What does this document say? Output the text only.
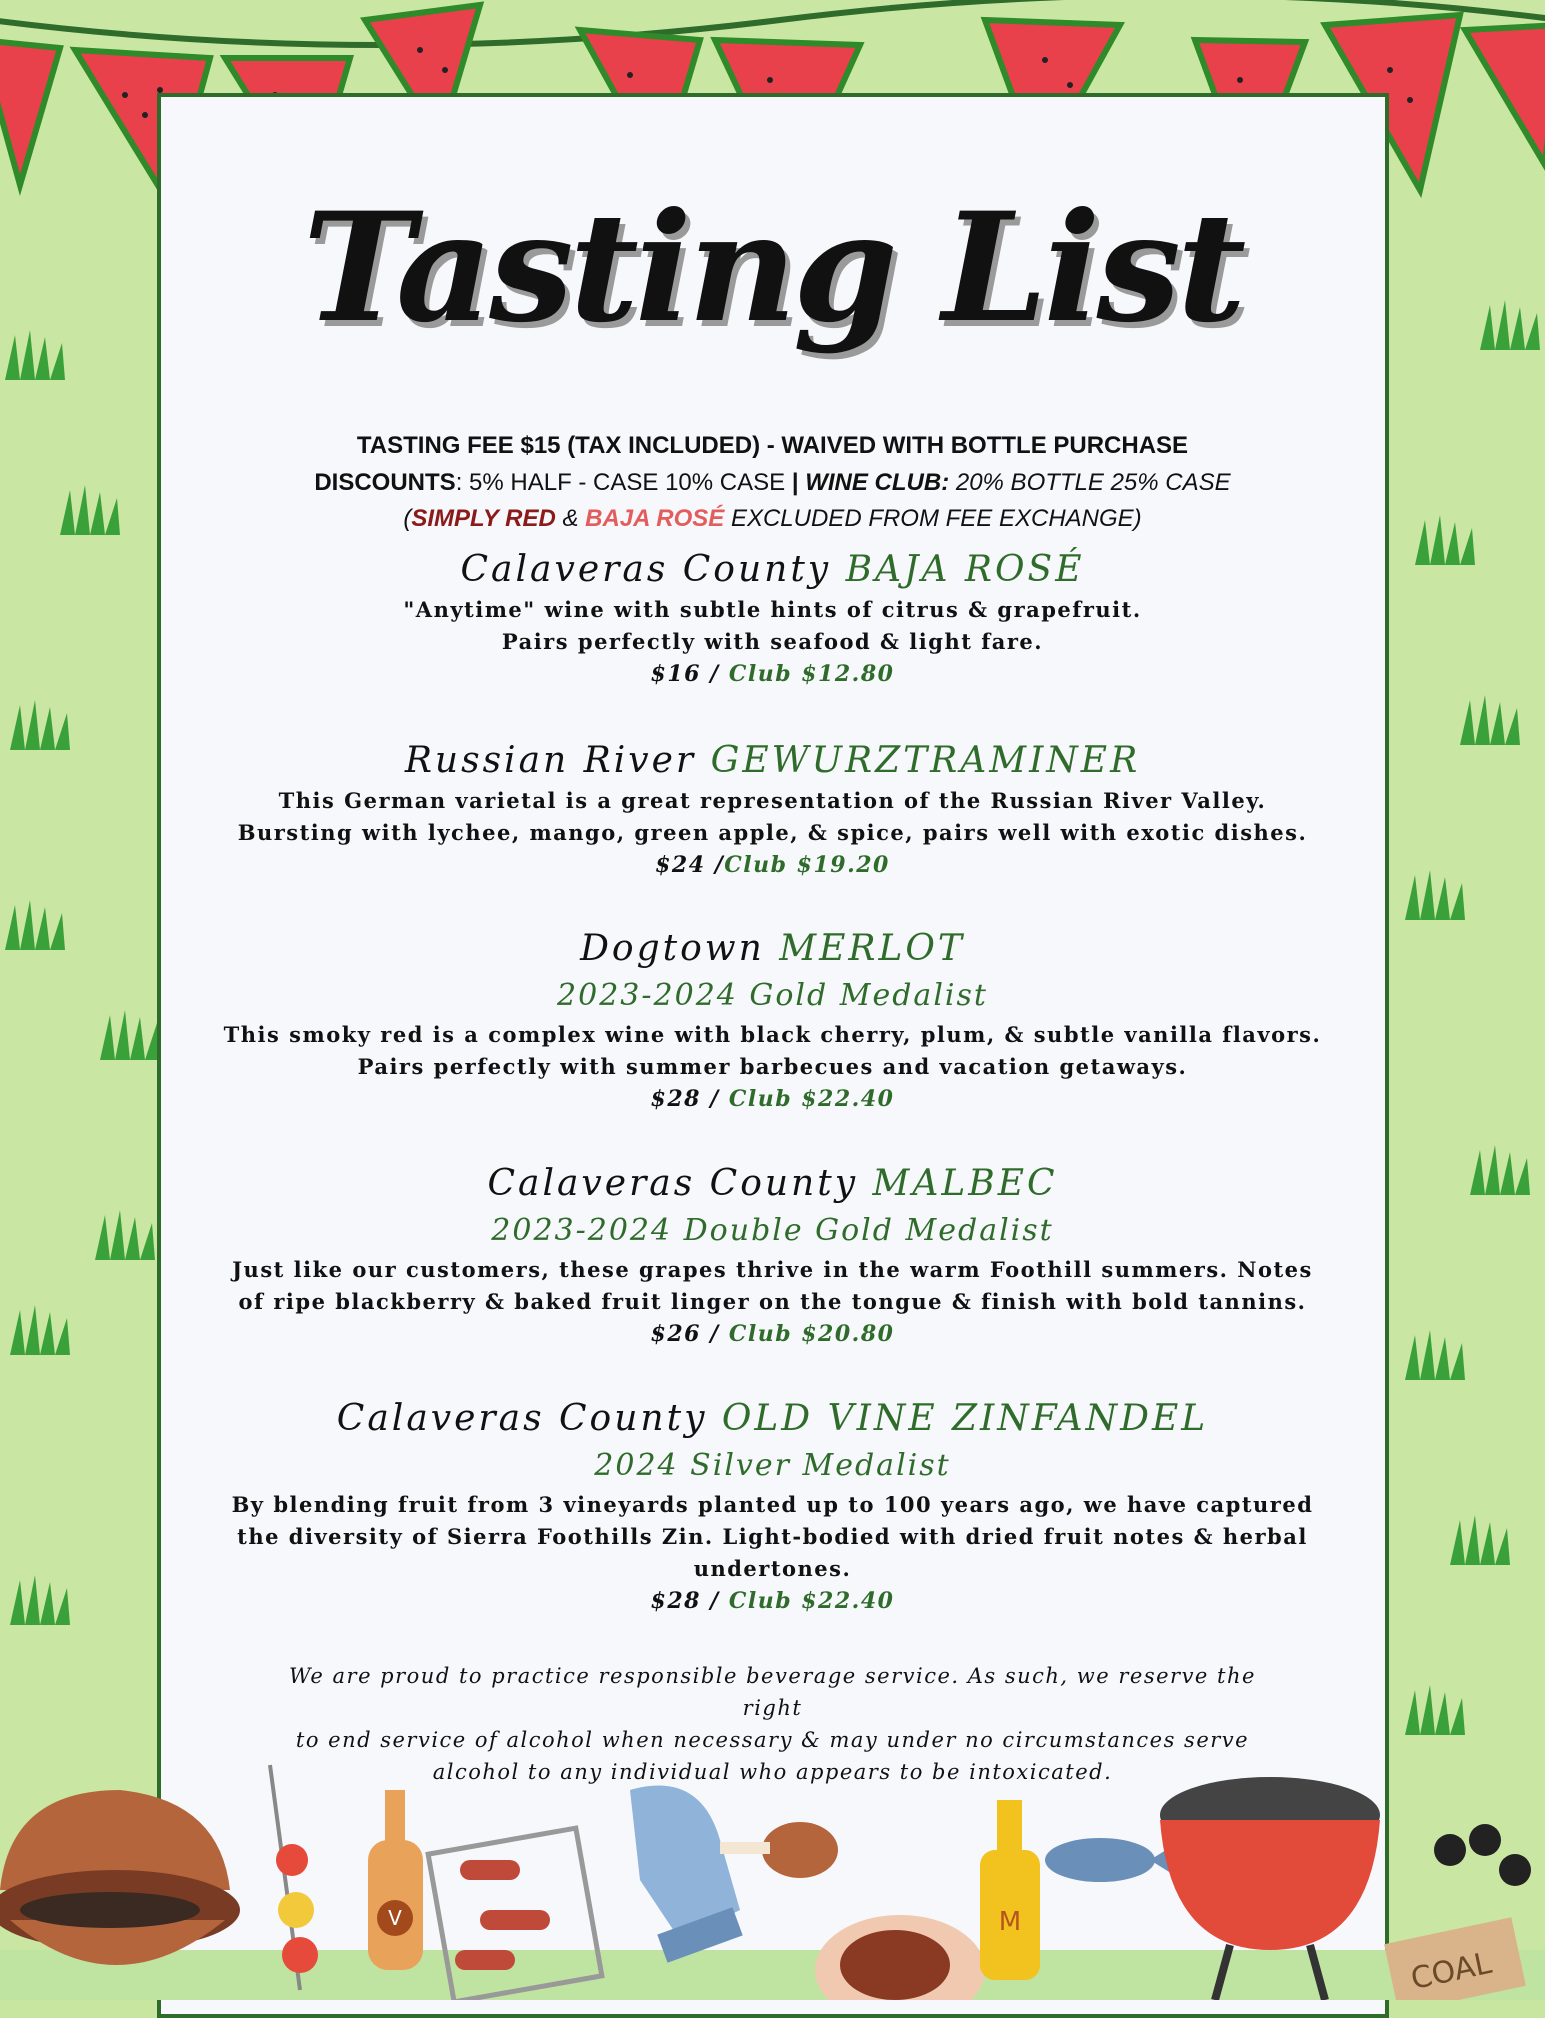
Tasting List
TASTING FEE $15 (TAX INCLUDED) - WAIVED WITH BOTTLE PURCHASE
DISCOUNTS: 5% HALF - CASE 10% CASE | WINE CLUB: 20% BOTTLE 25% CASE
(SIMPLY RED & BAJA ROSÉ EXCLUDED FROM FEE EXCHANGE)
Calaveras County BAJA ROSÉ
"Anytime" wine with subtle hints of citrus & grapefruit.
Pairs perfectly with seafood & light fare.
$16 / Club $12.80
Russian River GEWURZTRAMINER
This German varietal is a great representation of the Russian River Valley.
Bursting with lychee, mango, green apple, & spice, pairs well with exotic dishes.
$24 /Club $19.20
Dogtown MERLOT
2023-2024 Gold Medalist
This smoky red is a complex wine with black cherry, plum, & subtle vanilla flavors.
Pairs perfectly with summer barbecues and vacation getaways.
$28 / Club $22.40
Calaveras County MALBEC
2023-2024 Double Gold Medalist
Just like our customers, these grapes thrive in the warm Foothill summers. Notes
of ripe blackberry & baked fruit linger on the tongue & finish with bold tannins.
$26 / Club $20.80
Calaveras County OLD VINE ZINFANDEL
2024 Silver Medalist
By blending fruit from 3 vineyards planted up to 100 years ago, we have captured
the diversity of Sierra Foothills Zin. Light-bodied with dried fruit notes & herbal
undertones.
$28 / Club $22.40
We are proud to practice responsible beverage service. As such, we reserve the right
to end service of alcohol when necessary & may under no circumstances serve
alcohol to any individual who appears to be intoxicated.
V	M
COAL
